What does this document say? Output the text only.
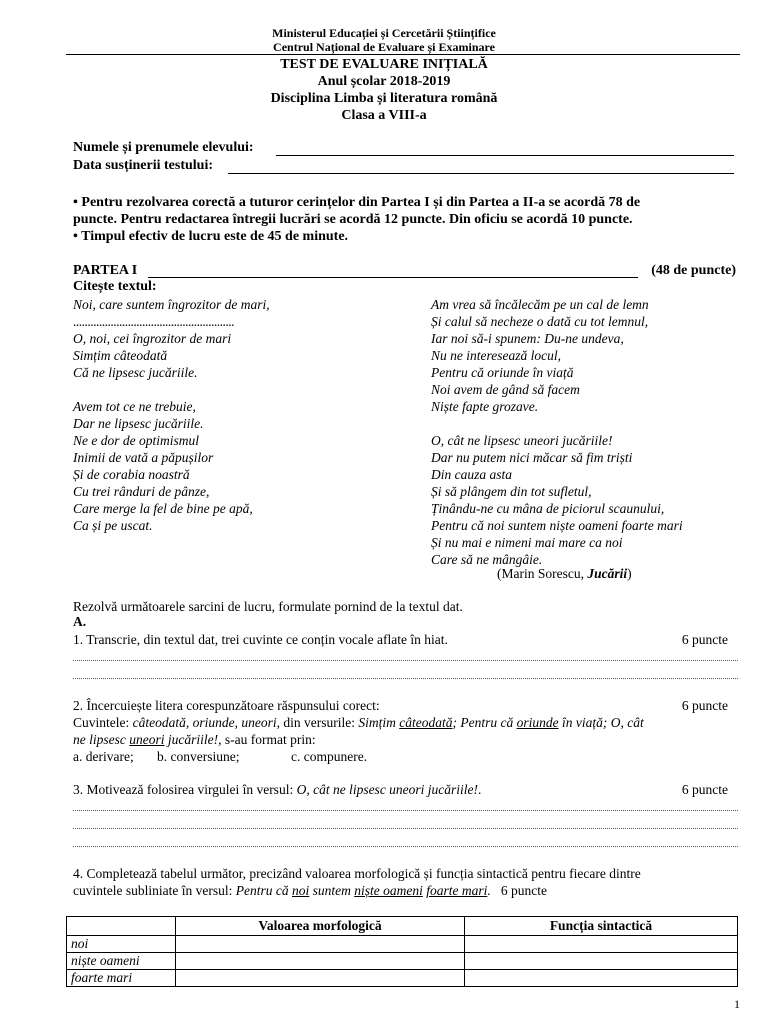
Ministerul Educației și Cercetării Științifice
Centrul Național de Evaluare și Examinare
TEST DE EVALUARE INIȚIALĂ
Anul școlar 2018-2019
Disciplina Limba și literatura română
Clasa a VIII-a
Numele și prenumele elevului:
Data susținerii testului:
• Pentru rezolvarea corectă a tuturor cerințelor din Partea I și din Partea a II-a se acordă 78 de
puncte. Pentru redactarea întregii lucrări se acordă 12 puncte. Din oficiu se acordă 10 puncte.
• Timpul efectiv de lucru este de 45 de minute.
PARTEA I	(48 de puncte)
Citește textul:
Noi, care suntem îngrozitor de mari,
........................................................
O, noi, cei îngrozitor de mari
Simțim câteodată
Că ne lipsesc jucăriile.
Avem tot ce ne trebuie,
Dar ne lipsesc jucăriile.
Ne e dor de optimismul
Inimii de vată a păpușilor
Și de corabia noastră
Cu trei rânduri de pânze,
Care merge la fel de bine pe apă,
Ca și pe uscat.
Am vrea să încălecăm pe un cal de lemn
Și calul să necheze o dată cu tot lemnul,
Iar noi să-i spunem: Du-ne undeva,
Nu ne interesează locul,
Pentru că oriunde în viață
Noi avem de gând să facem
Niște fapte grozave.
O, cât ne lipsesc uneori jucăriile!
Dar nu putem nici măcar să fim triști
Din cauza asta
Și să plângem din tot sufletul,
Ținându-ne cu mâna de piciorul scaunului,
Pentru că noi suntem niște oameni foarte mari
Și nu mai e nimeni mai mare ca noi
Care să ne mângâie.
(Marin Sorescu, Jucării)
Rezolvă următoarele sarcini de lucru, formulate pornind de la textul dat.
A.
1. Transcrie, din textul dat, trei cuvinte ce conțin vocale aflate în hiat.	6 puncte
2. Încercuiește litera corespunzătoare răspunsului corect:	6 puncte
Cuvintele: câteodată, oriunde, uneori, din versurile: Simțim câteodată; Pentru că oriunde în viață; O, cât
ne lipsesc uneori jucăriile!, s-au format prin:
a. derivare; b. conversiune;	c. compunere.
3. Motivează folosirea virgulei în versul: O, cât ne lipsesc uneori jucăriile!.	6 puncte
4. Completează tabelul următor, precizând valoarea morfologică și funcția sintactică pentru fiecare dintre
cuvintele subliniate în versul: Pentru că noi suntem niște oameni foarte mari. 6 puncte
	Valoarea morfologică	Funcția sintactică
noi		
niște oameni		
foarte mari		
1
